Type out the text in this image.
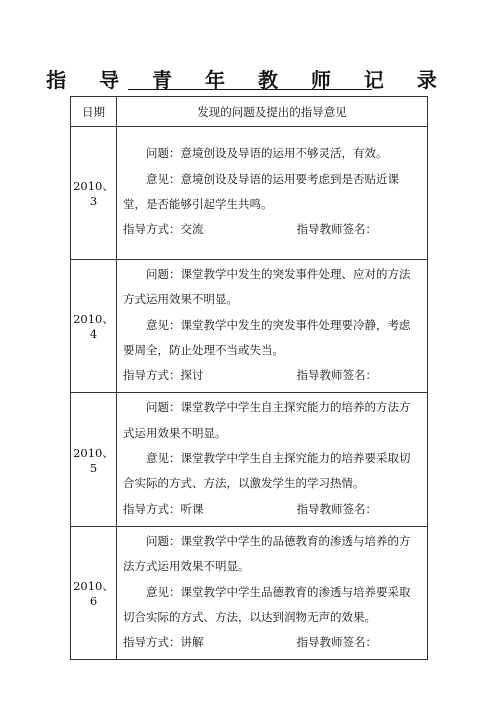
指 导 青 年 教 师 记 录
日期	发现的问题及提出的指导意见
2010、3	问题：意境创设及导语的运用不够灵活，有效。

意见：意境创设及导语的运用要考虑到是否贴近课堂，是否能够引起学生共鸣。

指导方式：交流 指导教师签名：

2010、4	问题：课堂教学中发生的突发事件处理、应对的方法方式运用效果不明显。

意见：课堂教学中发生的突发事件处理要冷静，考虑要周全，防止处理不当或失当。

指导方式：探讨 指导教师签名：

2010、5	问题：课堂教学中学生自主探究能力的培养的方法方式运用效果不明显。

意见：课堂教学中学生自主探究能力的培养要采取切合实际的方式、方法，以激发学生的学习热情。

指导方式：听课 指导教师签名：

2010、6	问题：课堂教学中学生的品德教育的渗透与培养的方法方式运用效果不明显。

意见：课堂教学中学生品德教育的渗透与培养要采取切合实际的方式、方法，以达到润物无声的效果。

指导方式：讲解 指导教师签名：
